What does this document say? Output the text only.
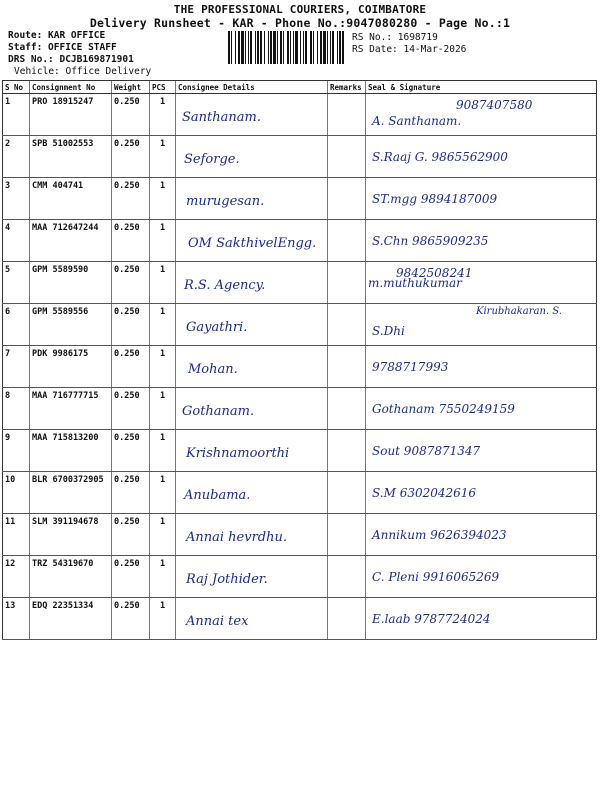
THE PROFESSIONAL COURIERS, COIMBATORE
Delivery Runsheet - KAR - Phone No.:9047080280 - Page No.:1
Route: KAR OFFICE
Staff: OFFICE STAFF
DRS No.: DCJB169871901
Vehicle: Office Delivery
RS No.: 1698719
RS Date: 14-Mar-2026
S No	Consignment No	Weight	PCS	Consignee Details	Remarks	Seal & Signature
1	PRO 18915247	0.250	1	Santhanam.		9087407580
A. Santhanam.

2	SPB 51002553	0.250	1	Seforge.		S.Raaj G. 9865562900

3	CMM 404741	0.250	1	murugesan.		ST.mgg 9894187009

4	MAA 712647244	0.250	1	OM SakthivelEngg.		S.Chn 9865909235

5	GPM 5589590	0.250	1	R.S. Agency.		9842508241
m.muthukumar

6	GPM 5589556	0.250	1	Gayathri.		Kirubhakaran. S.
S.Dhi

7	PDK 9986175	0.250	1	Mohan.		9788717993

8	MAA 716777715	0.250	1	Gothanam.		Gothanam 7550249159

9	MAA 715813200	0.250	1	Krishnamoorthi		Sout 9087871347

10	BLR 6700372905	0.250	1	Anubama.		S.M 6302042616

11	SLM 391194678	0.250	1	Annai hevrdhu.		Annikum 9626394023

12	TRZ 54319670	0.250	1	Raj Jothider.		C. Pleni 9916065269

13	EDQ 22351334	0.250	1	Annai tex		E.laab 9787724024
